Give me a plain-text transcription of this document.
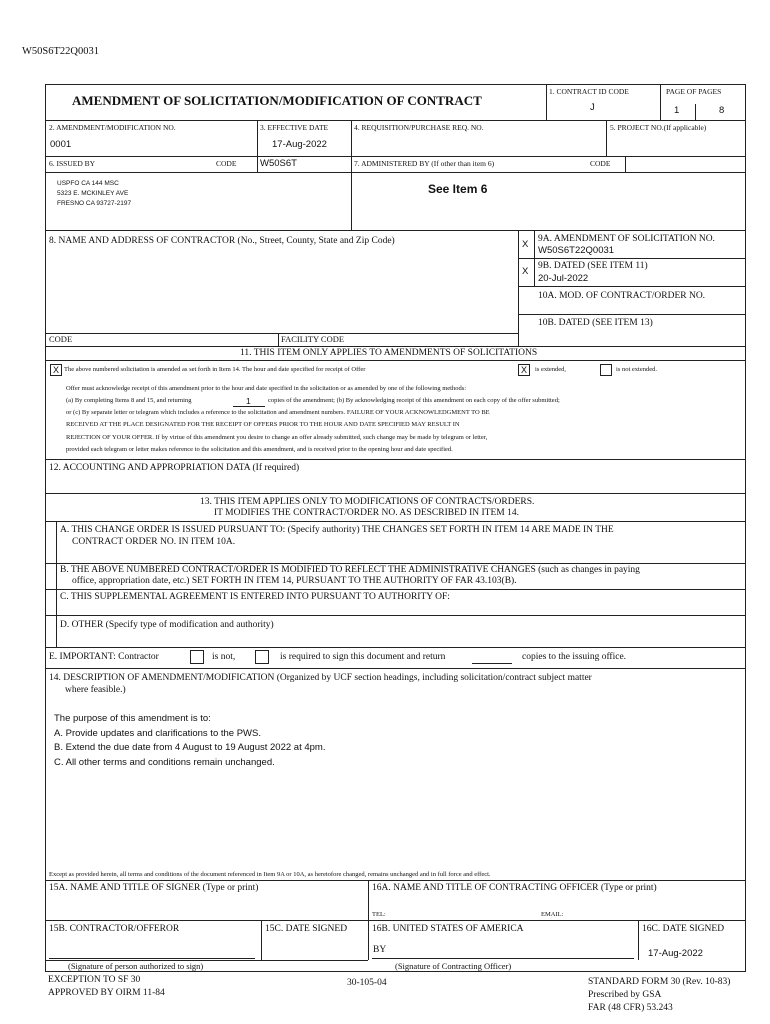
W50S6T22Q0031
AMENDMENT OF SOLICITATION/MODIFICATION OF CONTRACT
1. CONTRACT ID CODE
J
PAGE OF PAGES
1	8
2. AMENDMENT/MODIFICATION NO.
0001
3. EFFECTIVE DATE
17-Aug-2022
4. REQUISITION/PURCHASE REQ. NO.	5. PROJECT NO.(If applicable)
6. ISSUED BY	CODE W50S6T	7. ADMINISTERED BY (If other than item 6)	CODE
USPFO CA 144 MSC
5323 E. MCKINLEY AVE
FRESNO CA 93727-2197
See Item 6
8. NAME AND ADDRESS OF CONTRACTOR (No., Street, County, State and Zip Code)	X 9A. AMENDMENT OF SOLICITATION NO.
W50S6T22Q0031
X 9B. DATED (SEE ITEM 11)
20-Jul-2022
10A. MOD. OF CONTRACT/ORDER NO.
10B. DATED (SEE ITEM 13)
CODE	FACILITY CODE
11. THIS ITEM ONLY APPLIES TO AMENDMENTS OF SOLICITATIONS
X The above numbered solicitation is amended as set forth in Item 14. The hour and date specified for receipt of Offer	X	is extended,	is not extended.
Offer must acknowledge receipt of this amendment prior to the hour and date specified in the solicitation or as amended by one of the following methods:
(a) By completing Items 8 and 15, and returning	1	copies of the amendment; (b) By acknowledging receipt of this amendment on each copy of the offer submitted;
or (c) By separate letter or telegram which includes a reference to the solicitation and amendment numbers. FAILURE OF YOUR ACKNOWLEDGMENT TO BE
RECEIVED AT THE PLACE DESIGNATED FOR THE RECEIPT OF OFFERS PRIOR TO THE HOUR AND DATE SPECIFIED MAY RESULT IN
REJECTION OF YOUR OFFER. If by virtue of this amendment you desire to change an offer already submitted, such change may be made by telegram or letter,
provided each telegram or letter makes reference to the solicitation and this amendment, and is received prior to the opening hour and date specified.
12. ACCOUNTING AND APPROPRIATION DATA (If required)
13. THIS ITEM APPLIES ONLY TO MODIFICATIONS OF CONTRACTS/ORDERS.
IT MODIFIES THE CONTRACT/ORDER NO. AS DESCRIBED IN ITEM 14.
A. THIS CHANGE ORDER IS ISSUED PURSUANT TO: (Specify authority) THE CHANGES SET FORTH IN ITEM 14 ARE MADE IN THE
CONTRACT ORDER NO. IN ITEM 10A.
B. THE ABOVE NUMBERED CONTRACT/ORDER IS MODIFIED TO REFLECT THE ADMINISTRATIVE CHANGES (such as changes in paying
office, appropriation date, etc.) SET FORTH IN ITEM 14, PURSUANT TO THE AUTHORITY OF FAR 43.103(B).
C. THIS SUPPLEMENTAL AGREEMENT IS ENTERED INTO PURSUANT TO AUTHORITY OF:
D. OTHER (Specify type of modification and authority)
E. IMPORTANT: Contractor	is not,	is required to sign this document and return	copies to the issuing office.
14. DESCRIPTION OF AMENDMENT/MODIFICATION (Organized by UCF section headings, including solicitation/contract subject matter
where feasible.)
The purpose of this amendment is to:
A. Provide updates and clarifications to the PWS.
B. Extend the due date from 4 August to 19 August 2022 at 4pm.
C. All other terms and conditions remain unchanged.
Except as provided herein, all terms and conditions of the document referenced in Item 9A or 10A, as heretofore changed, remains unchanged and in full force and effect.
15A. NAME AND TITLE OF SIGNER (Type or print)	16A. NAME AND TITLE OF CONTRACTING OFFICER (Type or print)
TEL:	EMAIL:
15B. CONTRACTOR/OFFEROR	15C. DATE SIGNED	16B. UNITED STATES OF AMERICA	16C. DATE SIGNED
BY	17-Aug-2022
(Signature of person authorized to sign)	(Signature of Contracting Officer)
EXCEPTION TO SF 30
APPROVED BY OIRM 11-84
30-105-04	STANDARD FORM 30 (Rev. 10-83)
Prescribed by GSA
FAR (48 CFR) 53.243
